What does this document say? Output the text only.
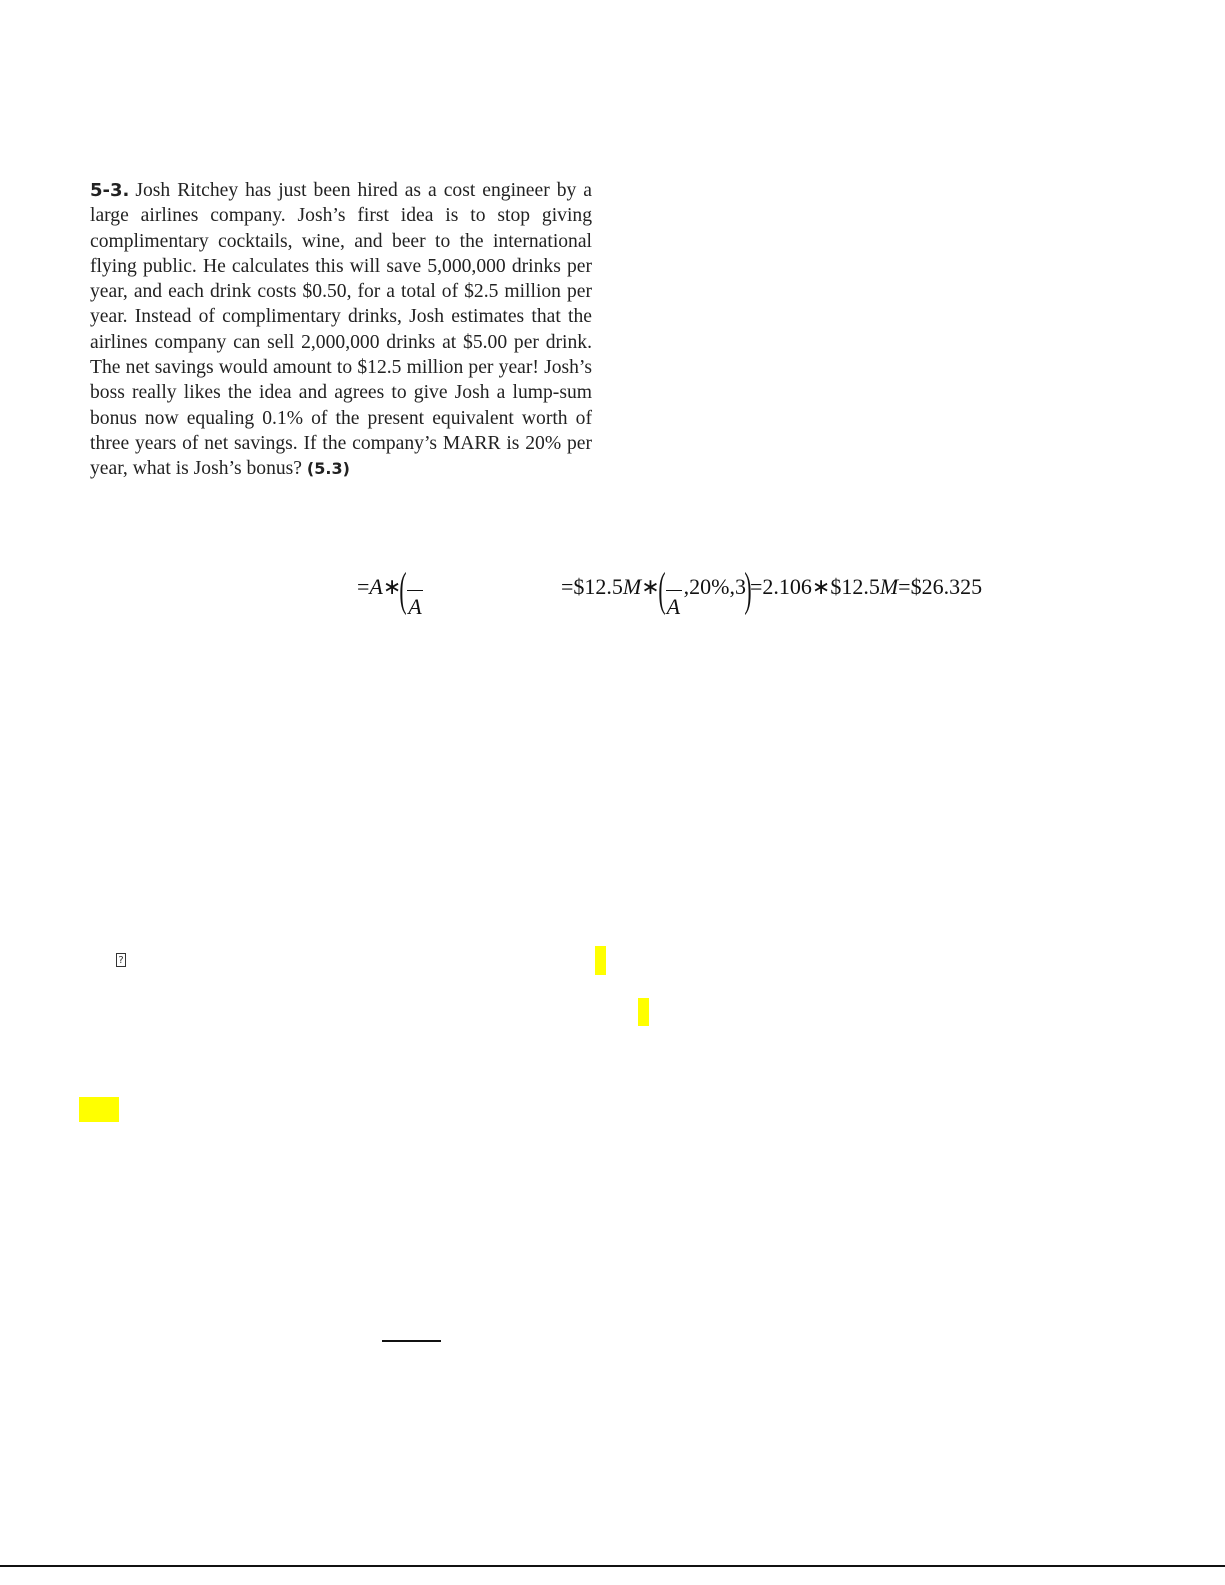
5-3. Josh Ritchey has just been hired as a cost engineer by a large airlines company. Josh’s first idea is to stop giving complimentary cocktails, wine, and beer to the international flying public. He calculates this will save 5,000,000 drinks per year, and each drink costs $0.50, for a total of $2.5 million per year. Instead of complimentary drinks, Josh estimates that the airlines company can sell 2,000,000 drinks at $5.00 per drink. The net savings would amount to $12.5 million per year! Josh’s boss really likes the idea and agrees to give Josh a lump-sum bonus now equaling 0.1% of the present equivalent worth of three years of net savings. If the company’s MARR is 20% per year, what is Josh’s bonus? (5.3)
=A∗( A
=$12.5M∗( A
,20%,3)=2.106∗$12.5M=$26.325
?
